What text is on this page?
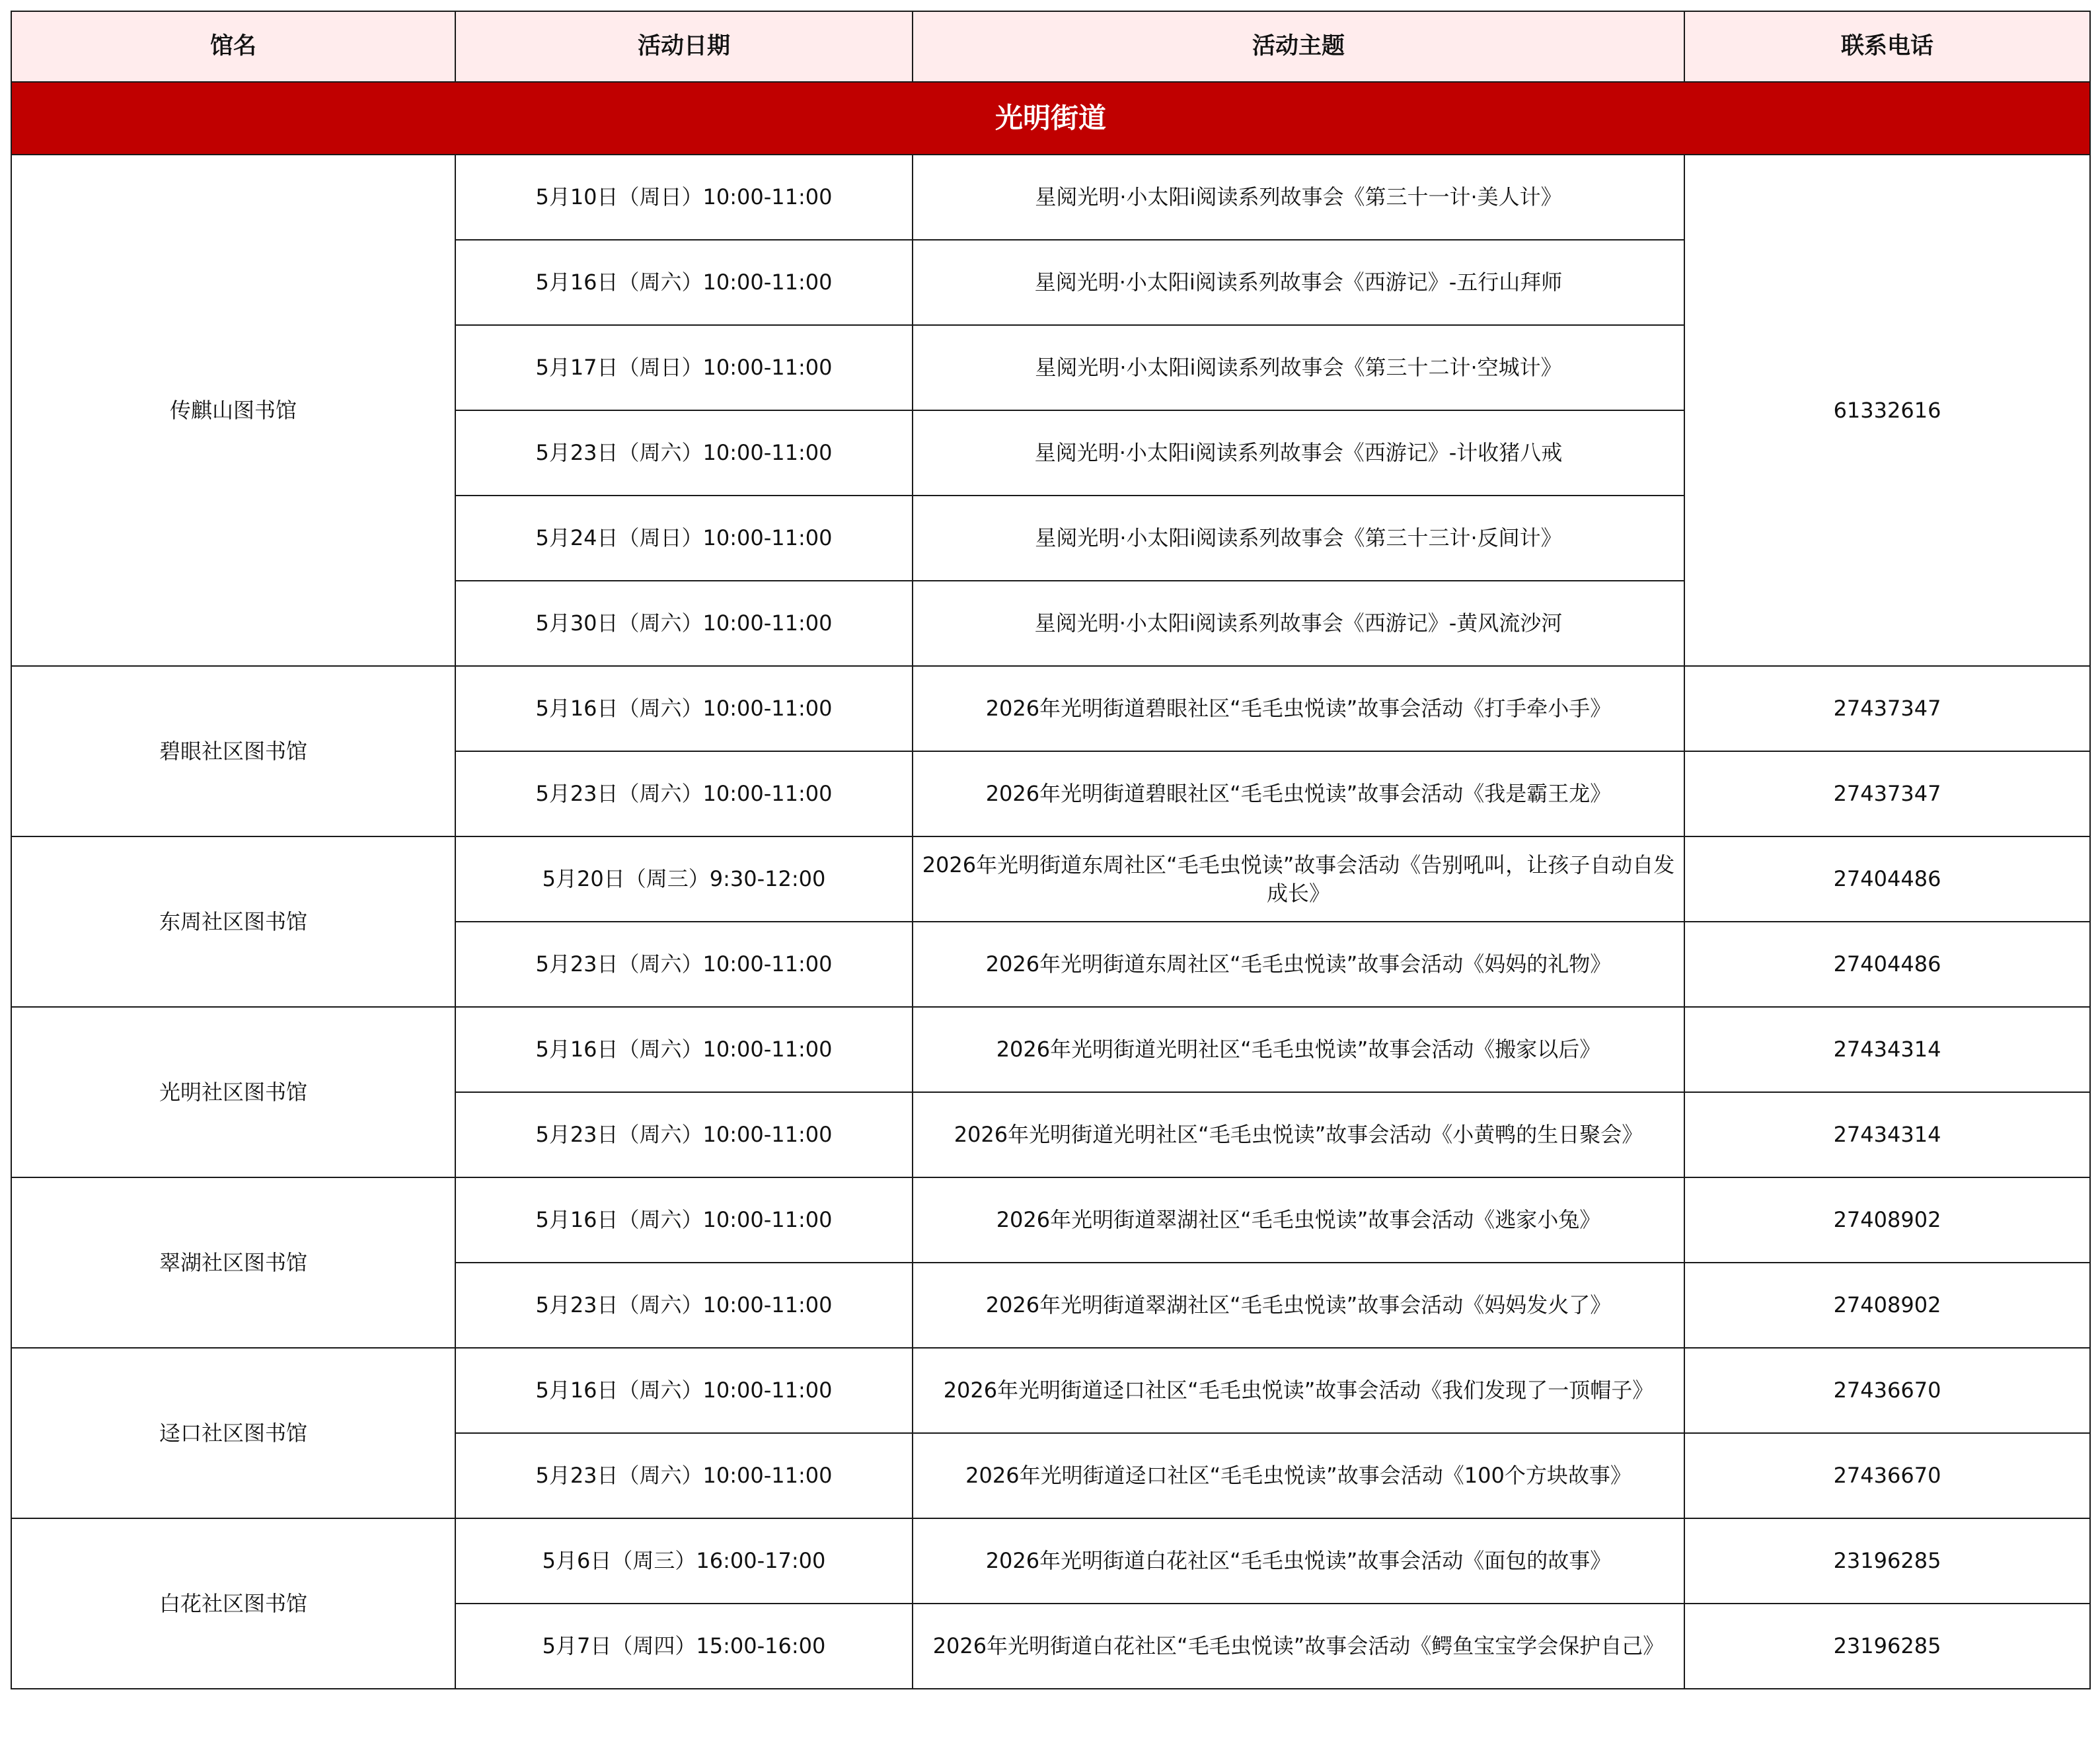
馆名	活动日期	活动主题	联系电话
光明街道			
传麒山图书馆	5月10日（周日）10:00-11:00	星阅光明·小太阳i阅读系列故事会《第三十一计·美人计》	61332616
	5月16日（周六）10:00-11:00	星阅光明·小太阳i阅读系列故事会《西游记》-五行山拜师	
	5月17日（周日）10:00-11:00	星阅光明·小太阳i阅读系列故事会《第三十二计·空城计》	
	5月23日（周六）10:00-11:00	星阅光明·小太阳i阅读系列故事会《西游记》-计收猪八戒	
	5月24日（周日）10:00-11:00	星阅光明·小太阳i阅读系列故事会《第三十三计·反间计》	
	5月30日（周六）10:00-11:00	星阅光明·小太阳i阅读系列故事会《西游记》-黄风流沙河	
碧眼社区图书馆	5月16日（周六）10:00-11:00	2026年光明街道碧眼社区“毛毛虫悦读”故事会活动《打手牵小手》	27437347
	5月23日（周六）10:00-11:00	2026年光明街道碧眼社区“毛毛虫悦读”故事会活动《我是霸王龙》	27437347
东周社区图书馆	5月20日（周三）9:30-12:00	2026年光明街道东周社区“毛毛虫悦读”故事会活动《告别吼叫，让孩子自动自发成长》	27404486
	5月23日（周六）10:00-11:00	2026年光明街道东周社区“毛毛虫悦读”故事会活动《妈妈的礼物》	27404486
光明社区图书馆	5月16日（周六）10:00-11:00	2026年光明街道光明社区“毛毛虫悦读”故事会活动《搬家以后》	27434314
	5月23日（周六）10:00-11:00	2026年光明街道光明社区“毛毛虫悦读”故事会活动《小黄鸭的生日聚会》	27434314
翠湖社区图书馆	5月16日（周六）10:00-11:00	2026年光明街道翠湖社区“毛毛虫悦读”故事会活动《逃家小兔》	27408902
	5月23日（周六）10:00-11:00	2026年光明街道翠湖社区“毛毛虫悦读”故事会活动《妈妈发火了》	27408902
迳口社区图书馆	5月16日（周六）10:00-11:00	2026年光明街道迳口社区“毛毛虫悦读”故事会活动《我们发现了一顶帽子》	27436670
	5月23日（周六）10:00-11:00	2026年光明街道迳口社区“毛毛虫悦读”故事会活动《100个方块故事》	27436670
白花社区图书馆	5月6日（周三）16:00-17:00	2026年光明街道白花社区“毛毛虫悦读”故事会活动《面包的故事》	23196285
	5月7日（周四）15:00-16:00	2026年光明街道白花社区“毛毛虫悦读”故事会活动《鳄鱼宝宝学会保护自己》	23196285
